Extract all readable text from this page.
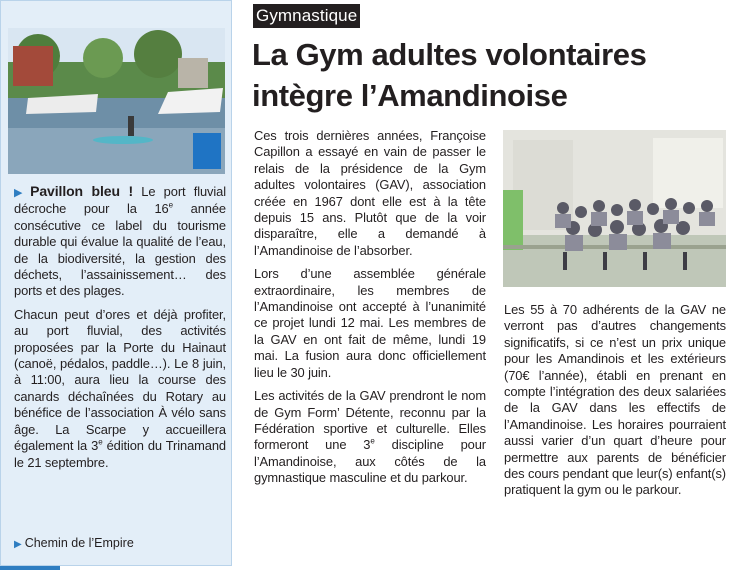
▶ Pavillon bleu ! Le port fluvial décroche pour la 16e année consécutive ce label du tourisme durable qui évalue la qualité de l’eau, de la biodiversité, la gestion des déchets, l’assainissement… des ports et des plages.

Chacun peut d’ores et déjà profiter, au port fluvial, des activités proposées par la Porte du Hainaut (canoë, pédalos, paddle…). Le 8 juin, à 11:00, aura lieu la course des canards déchaînées du Rotary au bénéfice de l’association À vélo sans âge. La Scarpe y accueillera également la 3e édition du Trinamand le 21 septembre.

▶ Chemin de l’Empire
Gymnastique
La Gym adultes volontaires
intègre l’Amandinoise

Ces trois dernières années, Françoise Capillon a essayé en vain de passer le relais de la présidence de la Gym adultes volontaires (GAV), association créée en 1967 dont elle est à la tête depuis 15 ans. Plutôt que de la voir disparaître, elle a demandé à l’Amandinoise de l’absorber.

Lors d’une assemblée générale extraordinaire, les membres de l’Amandinoise ont accepté à l’unanimité ce projet lundi 12 mai. Les membres de la GAV en ont fait de même, lundi 19 mai. La fusion aura donc officiellement lieu le 30 juin.

Les activités de la GAV prendront le nom de Gym Form’ Détente, reconnu par la Fédération sportive et culturelle. Elles formeront une 3e discipline pour l’Amandinoise, aux côtés de la gymnastique masculine et du parkour.

Les 55 à 70 adhérents de la GAV ne verront pas d’autres changements significatifs, si ce n’est un prix unique pour les Amandinois et les extérieurs (70€ l’année), établi en prenant en compte l’intégration des deux salariées de la GAV dans les effectifs de l’Amandinoise. Les horaires pourraient aussi varier d’un quart d’heure pour permettre aux parents de bénéficier des cours pendant que leur(s) enfant(s) pratiquent la gym ou le parkour.
